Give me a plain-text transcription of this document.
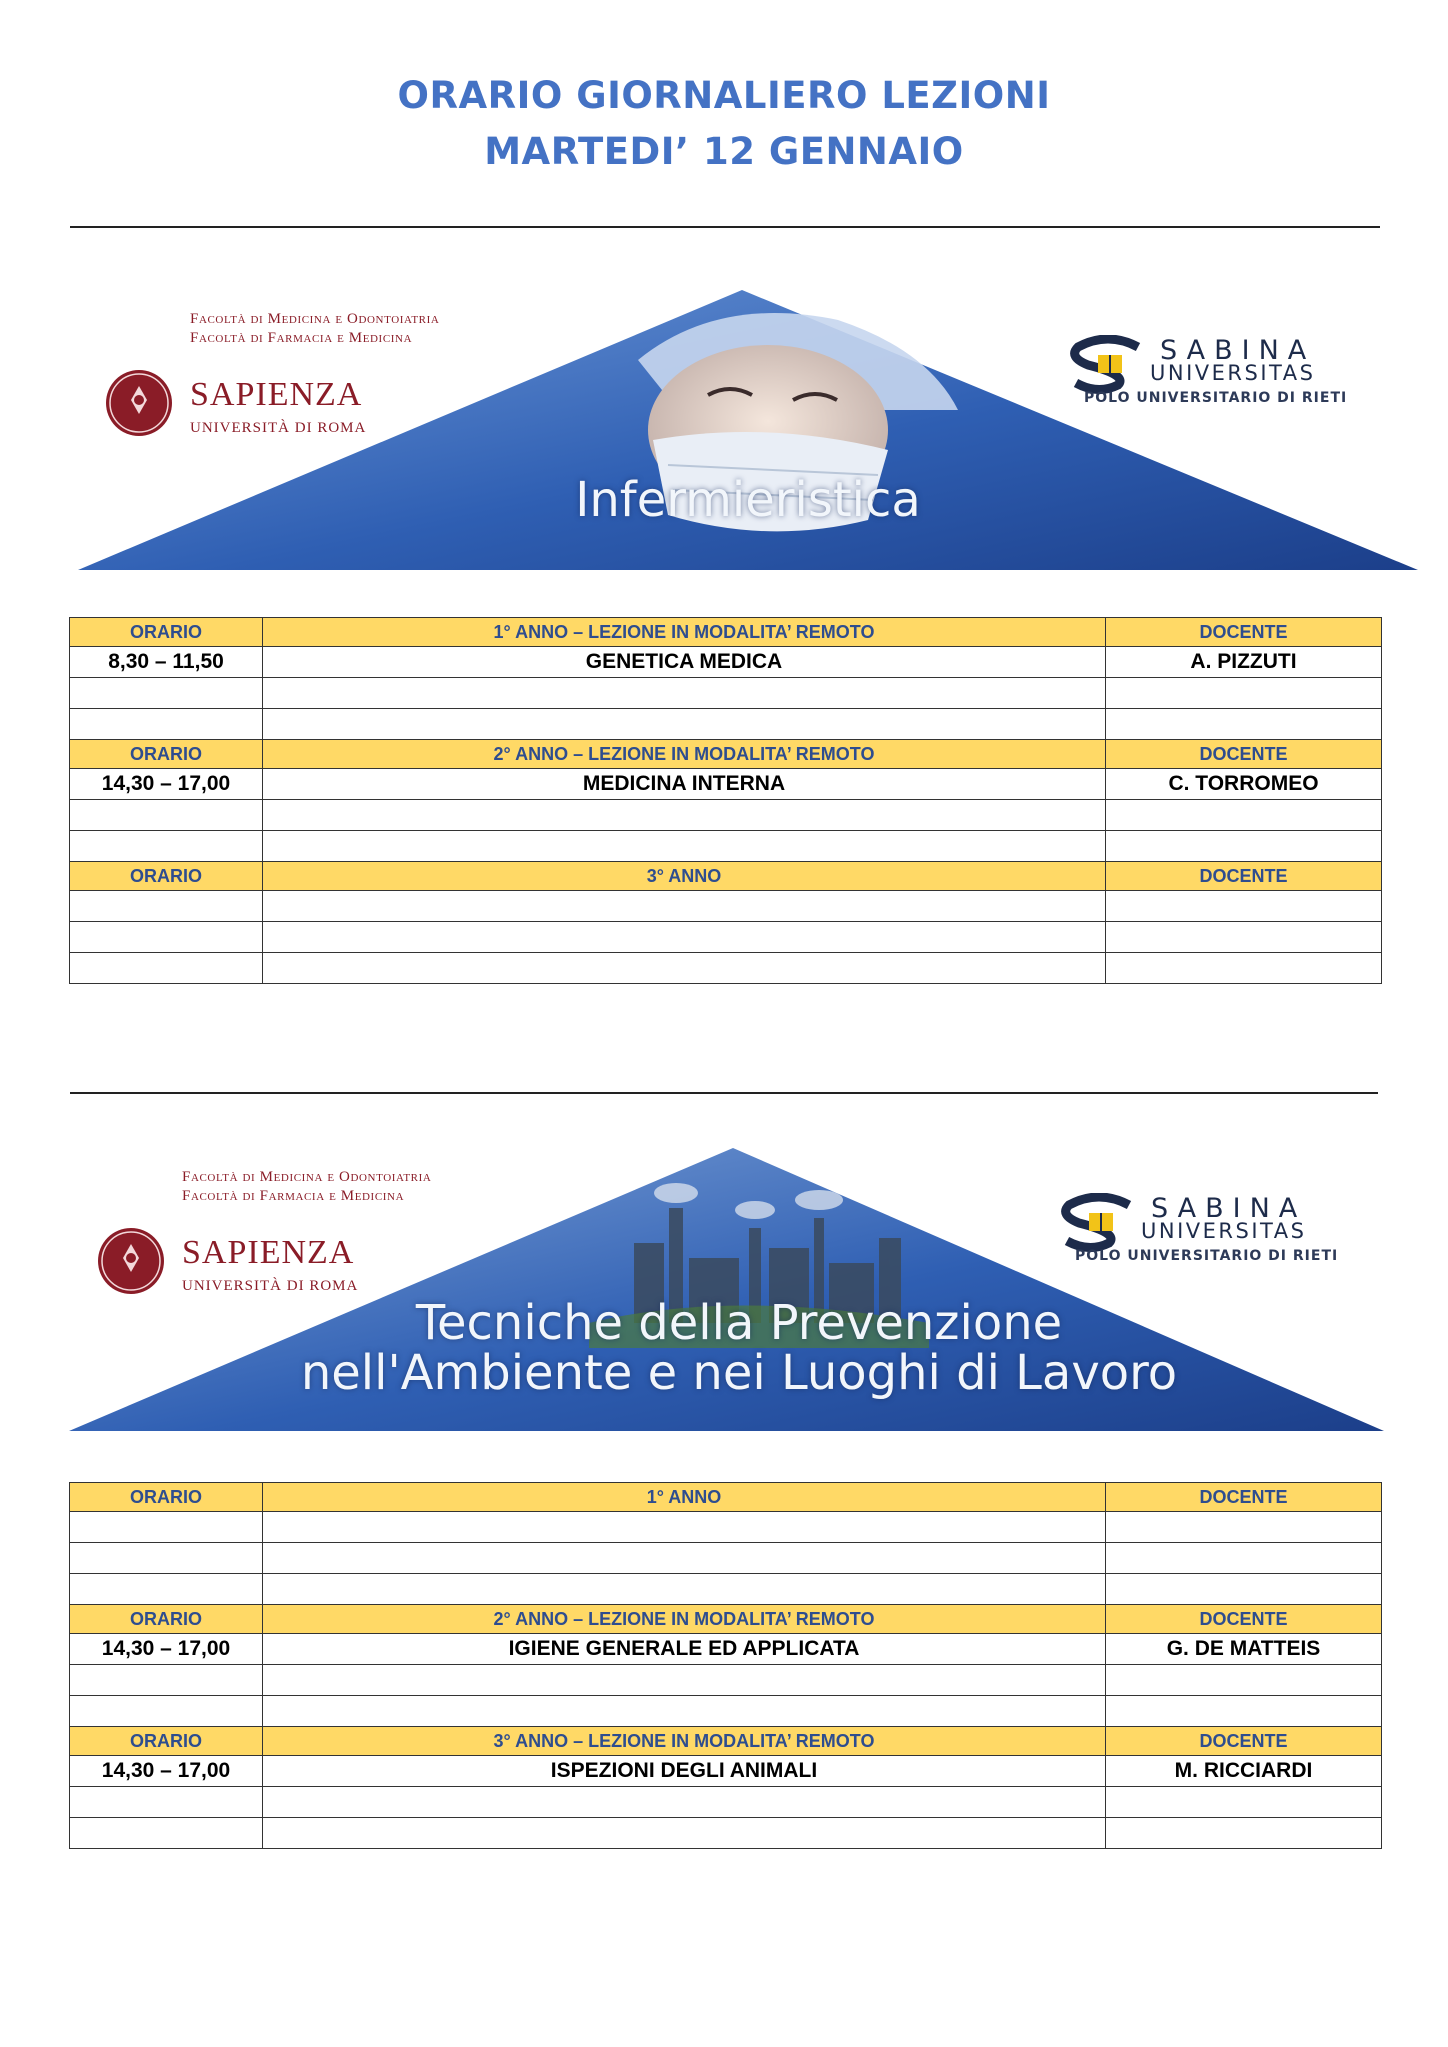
ORARIO GIORNALIERO LEZIONI
MARTEDI’ 12 GENNAIO
Infermieristica
Facoltà di Medicina e Odontoiatria
Facoltà di Farmacia e Medicina
SAPIENZA
UNIVERSITÀ DI ROMA
SABINA
UNIVERSITAS
POLO UNIVERSITARIO DI RIETI
ORARIO	1° ANNO – LEZIONE IN MODALITA’ REMOTO	DOCENTE
8,30 – 11,50	GENETICA MEDICA	A. PIZZUTI

ORARIO	2° ANNO – LEZIONE IN MODALITA’ REMOTO	DOCENTE
14,30 – 17,00	MEDICINA INTERNA	C. TORROMEO

ORARIO	3° ANNO	DOCENTE

Tecniche della Prevenzione
nell'Ambiente e nei Luoghi di Lavoro
Facoltà di Medicina e Odontoiatria
Facoltà di Farmacia e Medicina
SAPIENZA
UNIVERSITÀ DI ROMA
SABINA
UNIVERSITAS
POLO UNIVERSITARIO DI RIETI
ORARIO	1° ANNO	DOCENTE

ORARIO	2° ANNO – LEZIONE IN MODALITA’ REMOTO	DOCENTE
14,30 – 17,00	IGIENE GENERALE ED APPLICATA	G. DE MATTEIS

ORARIO	3° ANNO – LEZIONE IN MODALITA’ REMOTO	DOCENTE
14,30 – 17,00	ISPEZIONI DEGLI ANIMALI	M. RICCIARDI
